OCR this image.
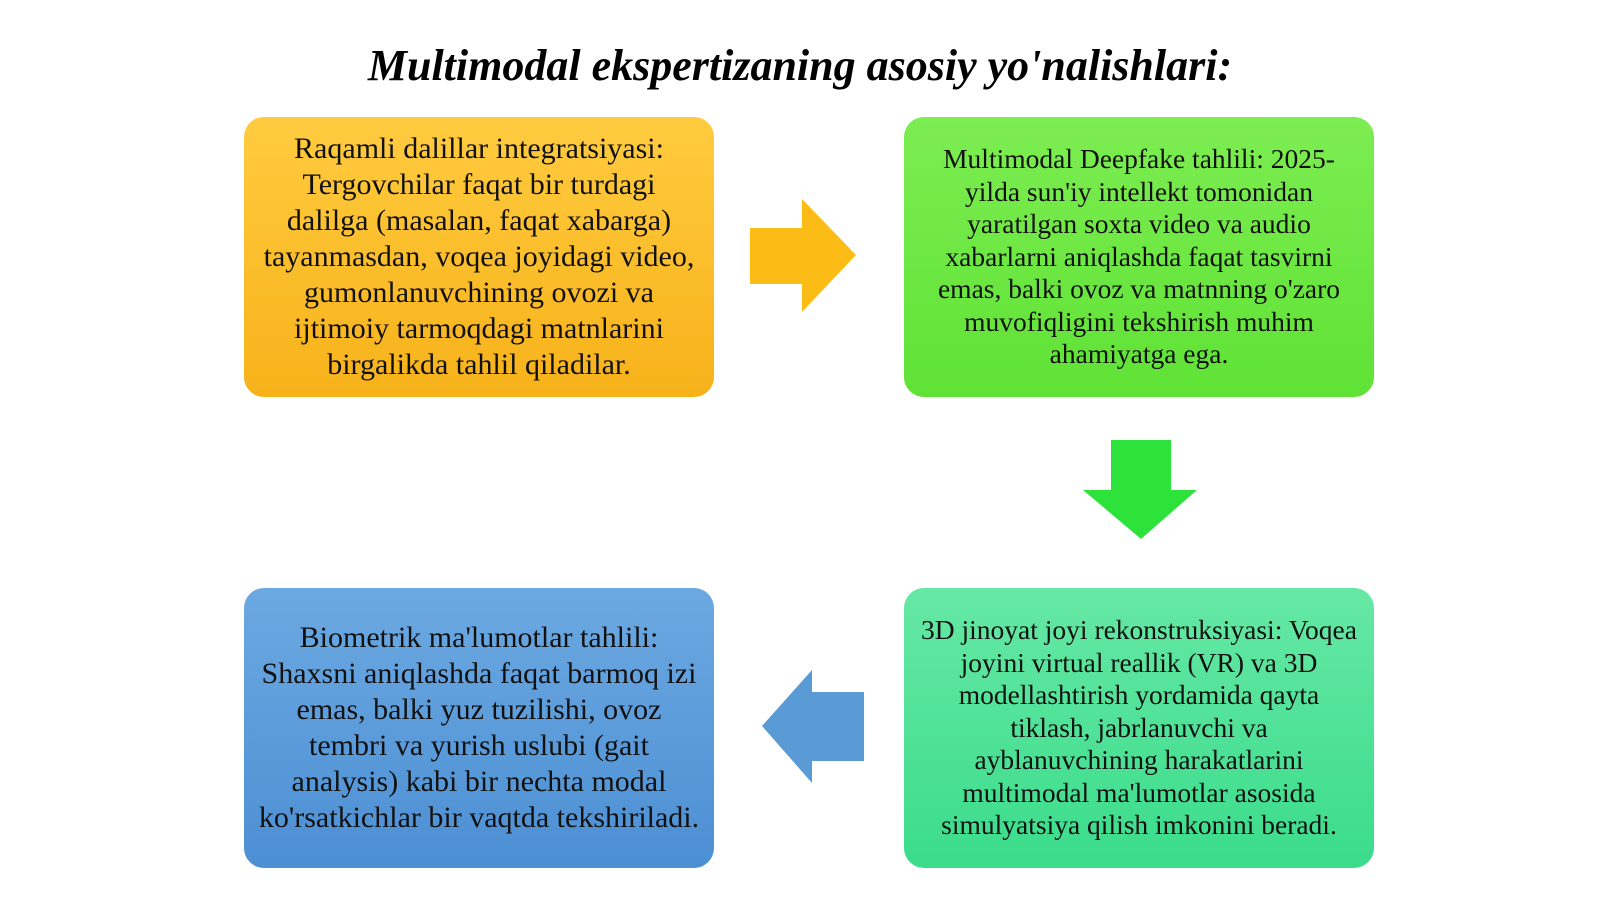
Multimodal ekspertizaning asosiy yo'nalishlari:
Raqamli dalillar integratsiyasi: Tergovchilar faqat bir turdagi dalilga (masalan, faqat xabarga) tayanmasdan, voqea joyidagi video, gumonlanuvchining ovozi va ijtimoiy tarmoqdagi matnlarini birgalikda tahlil qiladilar.
Multimodal Deepfake tahlili: 2025-yilda sun'iy intellekt tomonidan yaratilgan soxta video va audio xabarlarni aniqlashda faqat tasvirni emas, balki ovoz va matnning o'zaro muvofiqligini tekshirish muhim ahamiyatga ega.
3D jinoyat joyi rekonstruksiyasi: Voqea joyini virtual reallik (VR) va 3D modellashtirish yordamida qayta tiklash, jabrlanuvchi va ayblanuvchining harakatlarini multimodal ma'lumotlar asosida simulyatsiya qilish imkonini beradi.
Biometrik ma'lumotlar tahlili: Shaxsni aniqlashda faqat barmoq izi emas, balki yuz tuzilishi, ovoz tembri va yurish uslubi (gait analysis) kabi bir nechta modal ko'rsatkichlar bir vaqtda tekshiriladi.
